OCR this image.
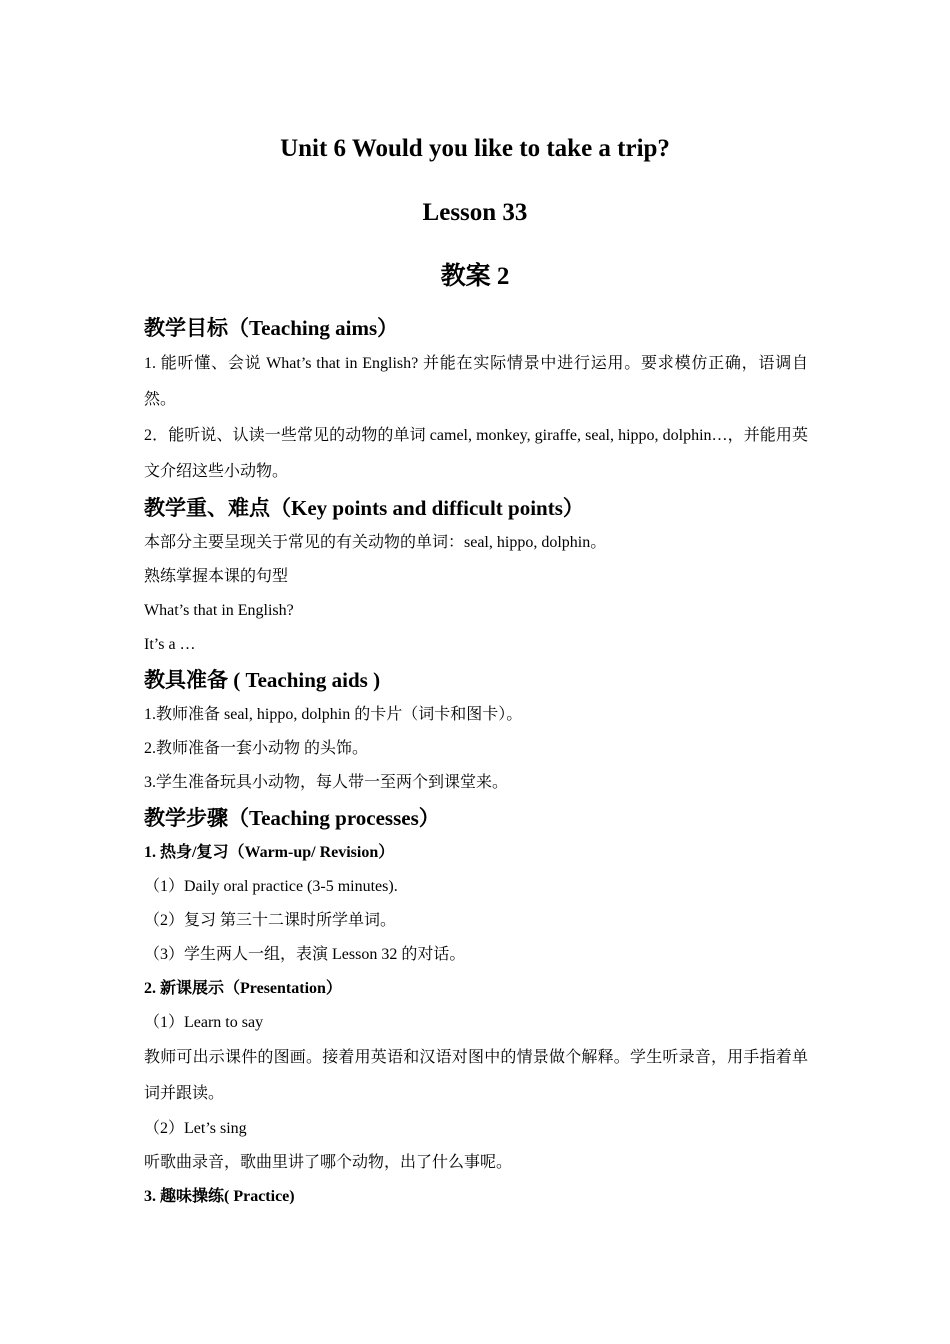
Unit 6 Would you like to take a trip?
Lesson 33
教案 2
教学目标（Teaching aims）

1. 能听懂、会说 What’s that in English? 并能在实际情景中进行运用。要求模仿正确，语调自然。

2．能听说、认读一些常见的动物的单词 camel, monkey, giraffe, seal, hippo, dolphin…，并能用英文介绍这些小动物。

教学重、难点（Key points and difficult points）

本部分主要呈现关于常见的有关动物的单词：seal, hippo, dolphin。

熟练掌握本课的句型

What’s that in English?

It’s a …

教具准备 ( Teaching aids )

1.教师准备 seal, hippo, dolphin 的卡片（词卡和图卡）。

2.教师准备一套小动物 的头饰。

3.学生准备玩具小动物，每人带一至两个到课堂来。

教学步骤（Teaching processes）

1. 热身/复习（Warm-up/ Revision）

（1）Daily oral practice (3-5 minutes).

（2）复习 第三十二课时所学单词。

（3）学生两人一组，表演 Lesson 32 的对话。

2. 新课展示（Presentation）

（1）Learn to say

教师可出示课件的图画。接着用英语和汉语对图中的情景做个解释。学生听录音，用手指着单词并跟读。

（2）Let’s sing

听歌曲录音，歌曲里讲了哪个动物，出了什么事呢。

3. 趣味操练( Practice)
